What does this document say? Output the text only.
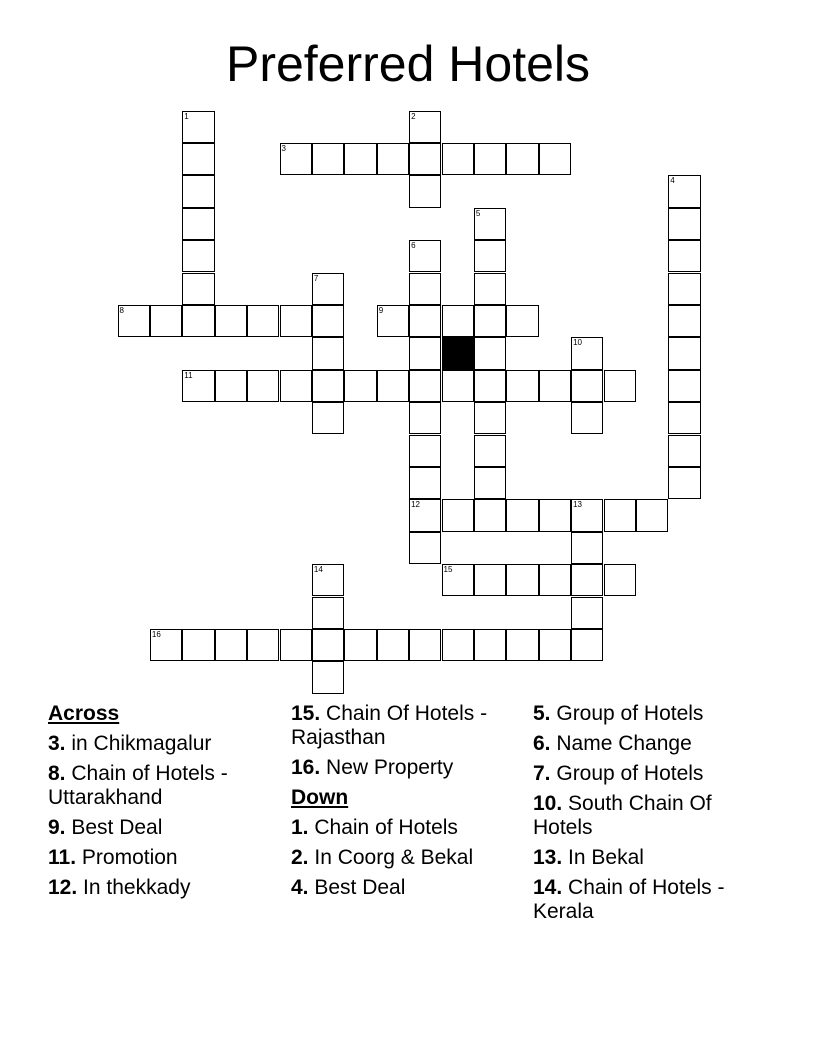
Preferred Hotels
1	2
3
4
5
6
7
8	9
10
11
12	13
14	15
16
Across
3. in Chikmagalur
8. Chain of Hotels - Uttarakhand
9. Best Deal
11. Promotion
12. In thekkady
15. Chain Of Hotels - Rajasthan
16. New Property
Down
1. Chain of Hotels
2. In Coorg & Bekal
4. Best Deal
5. Group of Hotels
6. Name Change
7. Group of Hotels
10. South Chain Of Hotels
13. In Bekal
14. Chain of Hotels - Kerala
